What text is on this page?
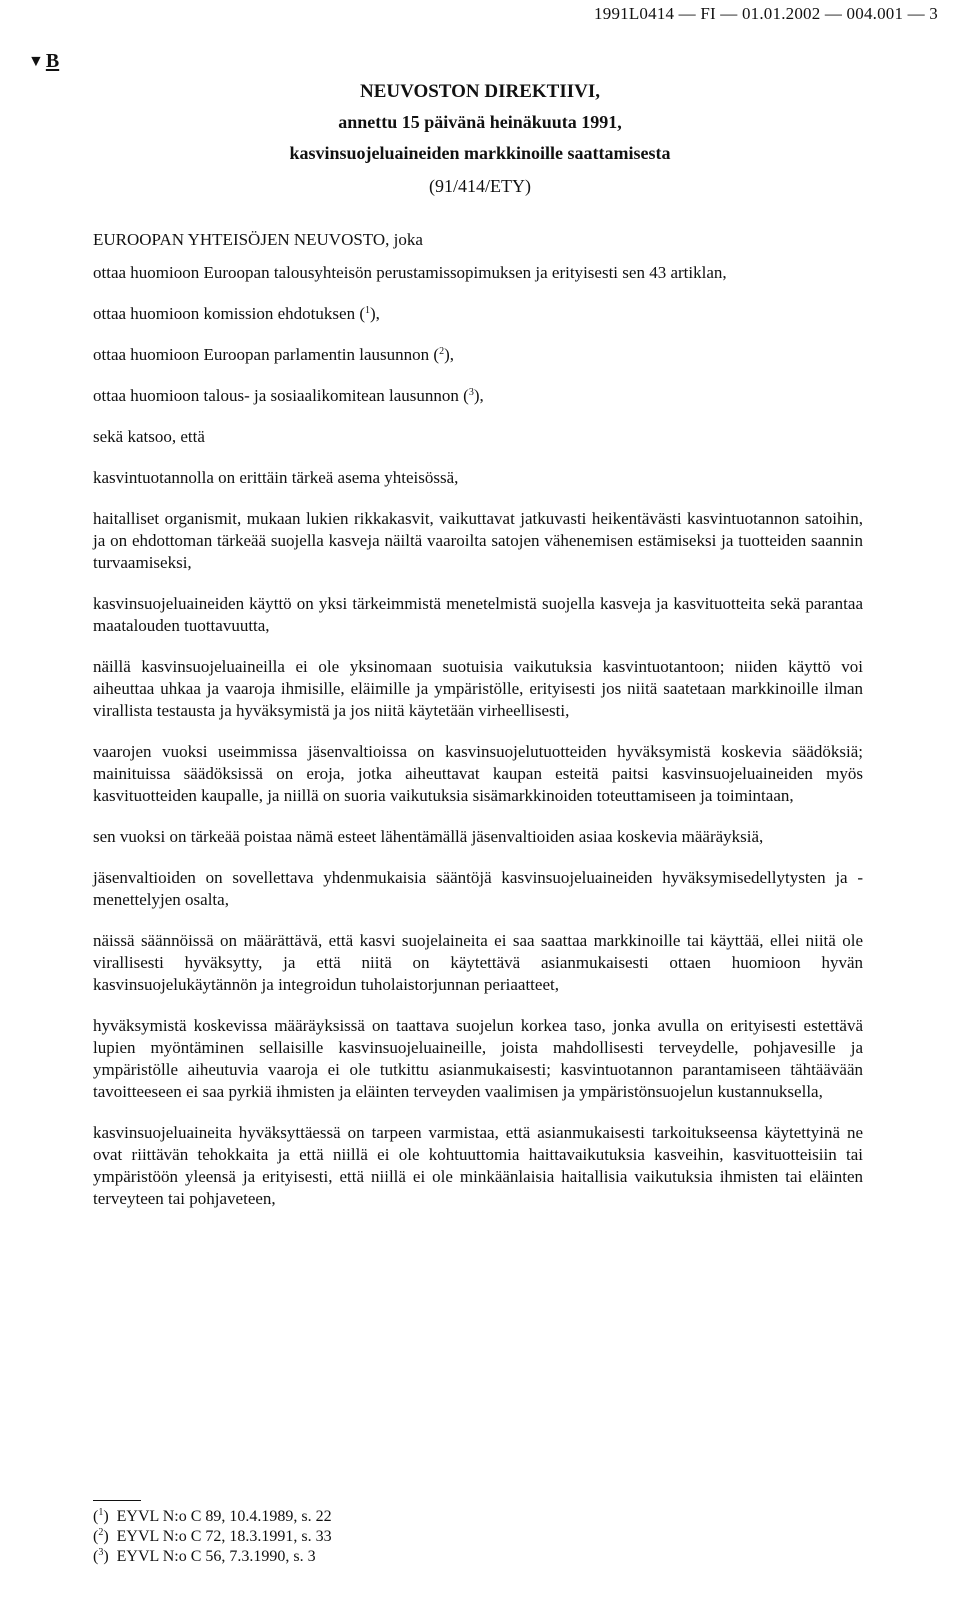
1991L0414 — FI — 01.01.2002 — 004.001 — 3
▼ B
NEUVOSTON DIREKTIIVI,
annettu 15 päivänä heinäkuuta 1991,
kasvinsuojeluaineiden markkinoille saattamisesta
(91/414/ETY)

EUROOPAN YHTEISÖJEN NEUVOSTO, joka

ottaa huomioon Euroopan talousyhteisön perustamissopimuksen ja erityisesti sen 43 artiklan,

ottaa huomioon komission ehdotuksen ($^1$),

ottaa huomioon Euroopan parlamentin lausunnon ($^2$),

ottaa huomioon talous- ja sosiaalikomitean lausunnon ($^3$),

sekä katsoo, että

kasvintuotannolla on erittäin tärkeä asema yhteisössä,

haitalliset organismit, mukaan lukien rikkakasvit, vaikuttavat jatkuvasti heikentävästi kasvintuotannon satoihin, ja on ehdottoman tärkeää suojella kasveja näiltä vaaroilta satojen vähenemisen estämiseksi ja tuotteiden saannin turvaamiseksi,

kasvinsuojeluaineiden käyttö on yksi tärkeimmistä menetelmistä suojella kasveja ja kasvituotteita sekä parantaa maatalouden tuottavuutta,

näillä kasvinsuojeluaineilla ei ole yksinomaan suotuisia vaikutuksia kasvintuotantoon; niiden käyttö voi aiheuttaa uhkaa ja vaaroja ihmisille, eläimille ja ympäristölle, erityisesti jos niitä saatetaan markkinoille ilman virallista testausta ja hyväksymistä ja jos niitä käytetään virheellisesti,

vaarojen vuoksi useimmissa jäsenvaltioissa on kasvinsuojelutuotteiden hyväksymistä koskevia säädöksiä; mainituissa säädöksissä on eroja, jotka aiheuttavat kaupan esteitä paitsi kasvinsuojeluaineiden myös kasvituotteiden kaupalle, ja niillä on suoria vaikutuksia sisämarkkinoiden toteuttamiseen ja toimintaan,

sen vuoksi on tärkeää poistaa nämä esteet lähentämällä jäsenvaltioiden asiaa koskevia määräyksiä,

jäsenvaltioiden on sovellettava yhdenmukaisia sääntöjä kasvinsuojeluaineiden hyväksymisedellytysten ja -menettelyjen osalta,

näissä säännöissä on määrättävä, että kasvi suojelaineita ei saa saattaa markkinoille tai käyttää, ellei niitä ole virallisesti hyväksytty, ja että niitä on käytettävä asianmukaisesti ottaen huomioon hyvän kasvinsuojelukäytännön ja integroidun tuholaistorjunnan periaatteet,

hyväksymistä koskevissa määräyksissä on taattava suojelun korkea taso, jonka avulla on erityisesti estettävä lupien myöntäminen sellaisille kasvinsuojeluaineille, joista mahdollisesti terveydelle, pohjavesille ja ympäristölle aiheutuvia vaaroja ei ole tutkittu asianmukaisesti; kasvintuotannon parantamiseen tähtäävään tavoitteeseen ei saa pyrkiä ihmisten ja eläinten terveyden vaalimisen ja ympäristönsuojelun kustannuksella,

kasvinsuojeluaineita hyväksyttäessä on tarpeen varmistaa, että asianmukaisesti tarkoitukseensa käytettyinä ne ovat riittävän tehokkaita ja että niillä ei ole kohtuuttomia haittavaikutuksia kasveihin, kasvituotteisiin tai ympäristöön yleensä ja erityisesti, että niillä ei ole minkäänlaisia haitallisia vaikutuksia ihmisten tai eläinten terveyteen tai pohjaveteen,

($^1$)  EYVL N:o C 89, 10.4.1989, s. 22
($^2$)  EYVL N:o C 72, 18.3.1991, s. 33
($^3$)  EYVL N:o C 56, 7.3.1990, s. 3
